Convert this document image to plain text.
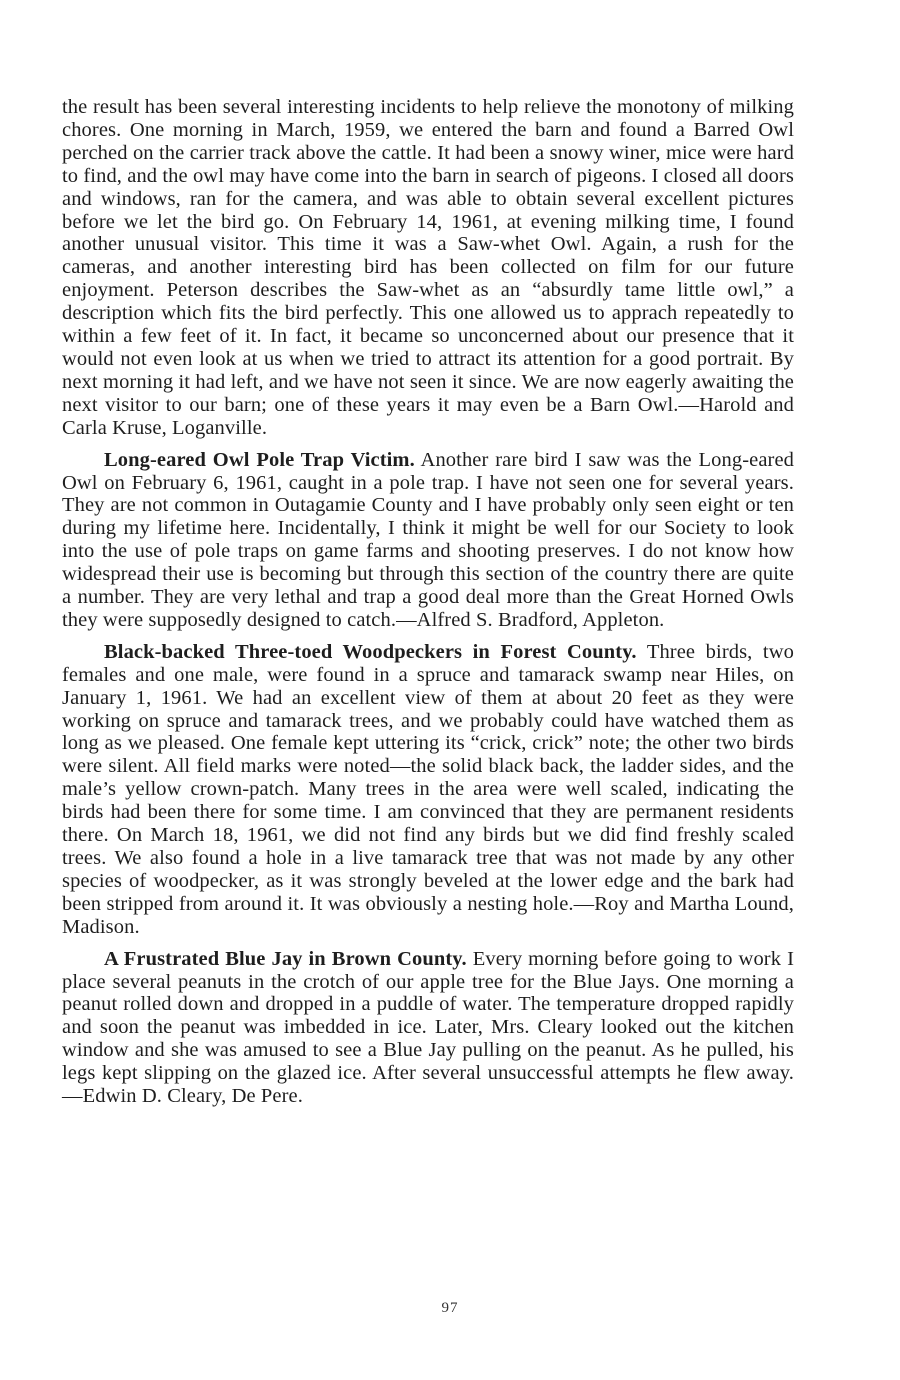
the result has been several interesting incidents to help relieve the monotony of milking chores. One morning in March, 1959, we entered the barn and found a Barred Owl perched on the carrier track above the cattle. It had been a snowy winer, mice were hard to find, and the owl may have come into the barn in search of pigeons. I closed all doors and windows, ran for the camera, and was able to obtain several excellent pictures before we let the bird go. On February 14, 1961, at evening milking time, I found another unusual visitor. This time it was a Saw-whet Owl. Again, a rush for the cameras, and another interesting bird has been collected on film for our future enjoyment. Peterson describes the Saw-whet as an “absurdly tame little owl,” a description which fits the bird perfectly. This one allowed us to apprach repeatedly to within a few feet of it. In fact, it became so unconcerned about our presence that it would not even look at us when we tried to attract its attention for a good portrait. By next morning it had left, and we have not seen it since. We are now eagerly awaiting the next visitor to our barn; one of these years it may even be a Barn Owl.—Harold and Carla Kruse, Loganville.

Long-eared Owl Pole Trap Victim. Another rare bird I saw was the Long-eared Owl on February 6, 1961, caught in a pole trap. I have not seen one for several years. They are not common in Outagamie County and I have probably only seen eight or ten during my lifetime here. Incidentally, I think it might be well for our Society to look into the use of pole traps on game farms and shooting preserves. I do not know how widespread their use is becoming but through this section of the country there are quite a number. They are very lethal and trap a good deal more than the Great Horned Owls they were supposedly designed to catch.—Alfred S. Bradford, Appleton.

Black-backed Three-toed Woodpeckers in Forest County. Three birds, two females and one male, were found in a spruce and tamarack swamp near Hiles, on January 1, 1961. We had an excellent view of them at about 20 feet as they were working on spruce and tamarack trees, and we probably could have watched them as long as we pleased. One female kept uttering its “crick, crick” note; the other two birds were silent. All field marks were noted—the solid black back, the ladder sides, and the male’s yellow crown-patch. Many trees in the area were well scaled, indicating the birds had been there for some time. I am convinced that they are permanent residents there. On March 18, 1961, we did not find any birds but we did find freshly scaled trees. We also found a hole in a live tamarack tree that was not made by any other species of woodpecker, as it was strongly beveled at the lower edge and the bark had been stripped from around it. It was obviously a nesting hole.—Roy and Martha Lound, Madison.

A Frustrated Blue Jay in Brown County. Every morning before going to work I place several peanuts in the crotch of our apple tree for the Blue Jays. One morning a peanut rolled down and dropped in a puddle of water. The temperature dropped rapidly and soon the peanut was imbedded in ice. Later, Mrs. Cleary looked out the kitchen window and she was amused to see a Blue Jay pulling on the peanut. As he pulled, his legs kept slipping on the glazed ice. After several unsuccessful attempts he flew away.—Edwin D. Cleary, De Pere.

97
